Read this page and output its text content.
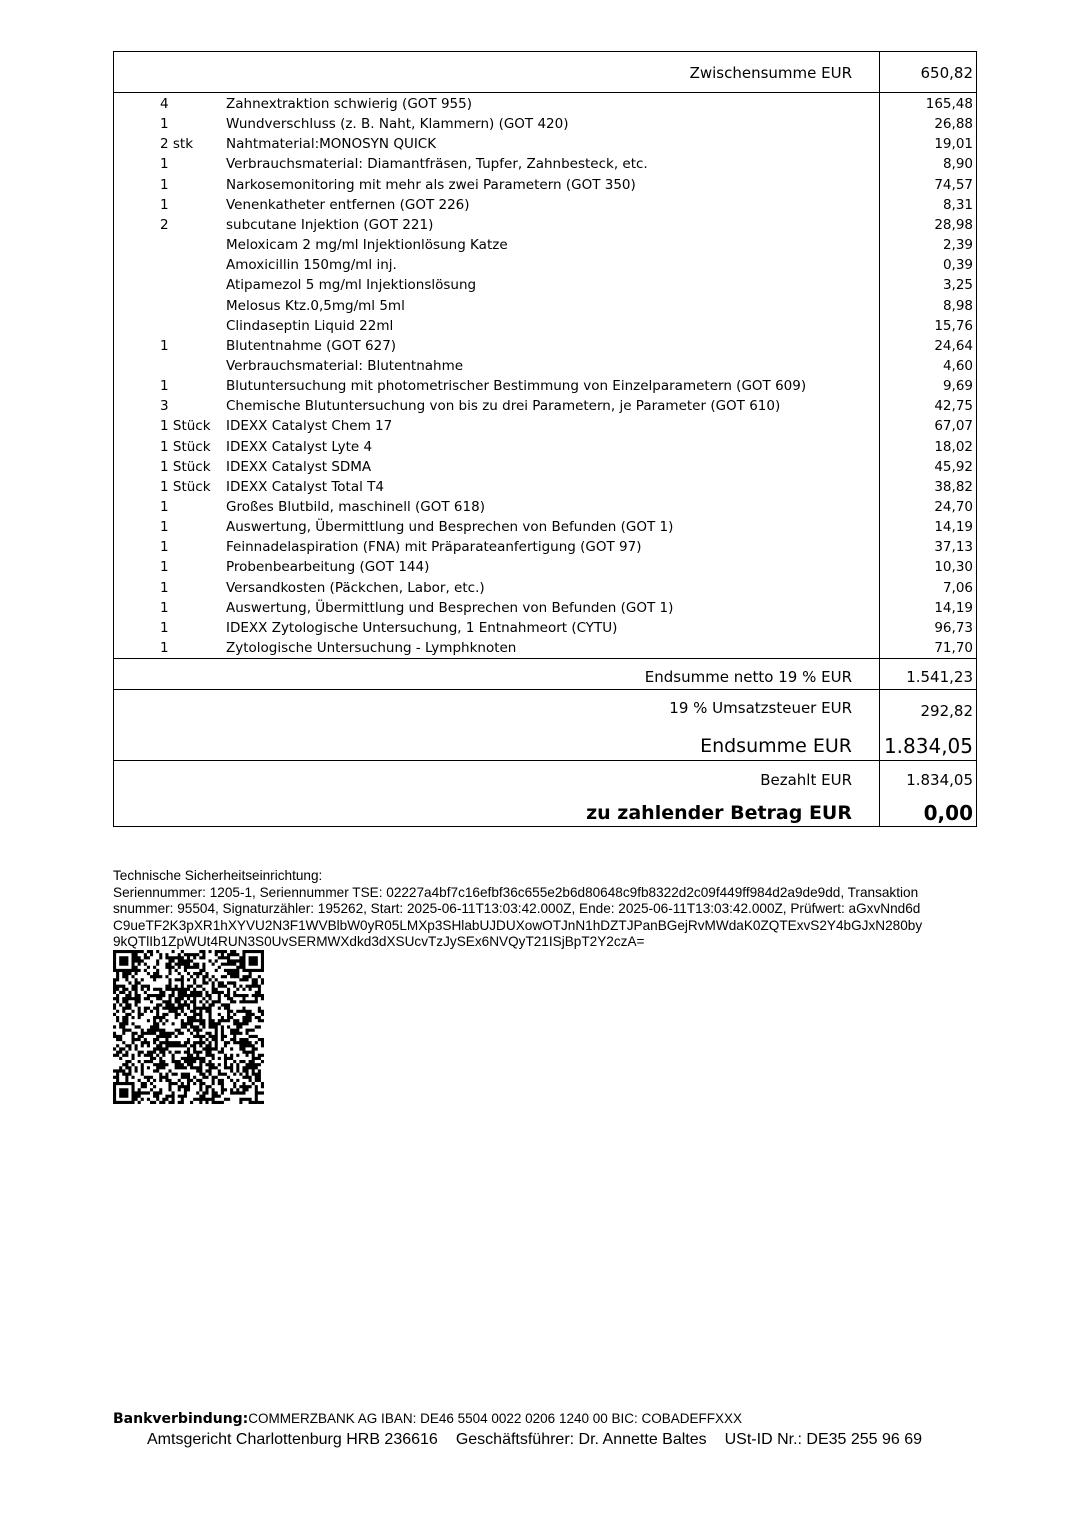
Zwischensumme EUR	650,82
4	Zahnextraktion schwierig (GOT 955)	165,48
1	Wundverschluss (z. B. Naht, Klammern) (GOT 420)	26,88
2 stk Nahtmaterial:MONOSYN QUICK	19,01
1	Verbrauchsmaterial: Diamantfräsen, Tupfer, Zahnbesteck, etc.	8,90
1	Narkosemonitoring mit mehr als zwei Parametern (GOT 350)	74,57
1	Venenkatheter entfernen (GOT 226)	8,31
2	subcutane Injektion (GOT 221)	28,98
Meloxicam 2 mg/ml Injektionlösung Katze	2,39
Amoxicillin 150mg/ml inj.	0,39
Atipamezol 5 mg/ml Injektionslösung	3,25
Melosus Ktz.0,5mg/ml 5ml	8,98
Clindaseptin Liquid 22ml	15,76
1	Blutentnahme (GOT 627)	24,64
Verbrauchsmaterial: Blutentnahme	4,60
1	Blutuntersuchung mit photometrischer Bestimmung von Einzelparametern (GOT 609)	9,69
3	Chemische Blutuntersuchung von bis zu drei Parametern, je Parameter (GOT 610)	42,75
1 Stück IDEXX Catalyst Chem 17	67,07
1 Stück IDEXX Catalyst Lyte 4	18,02
1 Stück IDEXX Catalyst SDMA	45,92
1 Stück IDEXX Catalyst Total T4	38,82
1	Großes Blutbild, maschinell (GOT 618)	24,70
1	Auswertung, Übermittlung und Besprechen von Befunden (GOT 1)	14,19
1	Feinnadelaspiration (FNA) mit Präparateanfertigung (GOT 97)	37,13
1	Probenbearbeitung (GOT 144)	10,30
1	Versandkosten (Päckchen, Labor, etc.)	7,06
1	Auswertung, Übermittlung und Besprechen von Befunden (GOT 1)	14,19
1	IDEXX Zytologische Untersuchung, 1 Entnahmeort (CYTU)	96,73
1	Zytologische Untersuchung - Lymphknoten	71,70
Endsumme netto 19 % EUR	1.541,23
19 % Umsatzsteuer EUR	292,82
Endsumme EUR 1.834,05
Bezahlt EUR	1.834,05
zu zahlender Betrag EUR	0,00
Technische Sicherheitseinrichtung:
Seriennummer: 1205-1, Seriennummer TSE: 02227a4bf7c16efbf36c655e2b6d80648c9fb8322d2c09f449ff984d2a9de9dd, Transaktion
snummer: 95504, Signaturzähler: 195262, Start: 2025-06-11T13:03:42.000Z, Ende: 2025-06-11T13:03:42.000Z, Prüfwert: aGxvNnd6d
C9ueTF2K3pXR1hXYVU2N3F1WVBlbW0yR05LMXp3SHlabUJDUXowOTJnN1hDZTJPanBGejRvMWdaK0ZQTExvS2Y4bGJxN280by
9kQTlIb1ZpWUt4RUN3S0UvSERMWXdkd3dXSUcvTzJySEx6NVQyT21ISjBpT2Y2czA=
Bankverbindung:COMMERZBANK AG IBAN: DE46 5504 0022 0206 1240 00 BIC: COBADEFFXXX
Amtsgericht Charlottenburg HRB 236616 Geschäftsführer: Dr. Annette Baltes USt-ID Nr.: DE35 255 96 69
